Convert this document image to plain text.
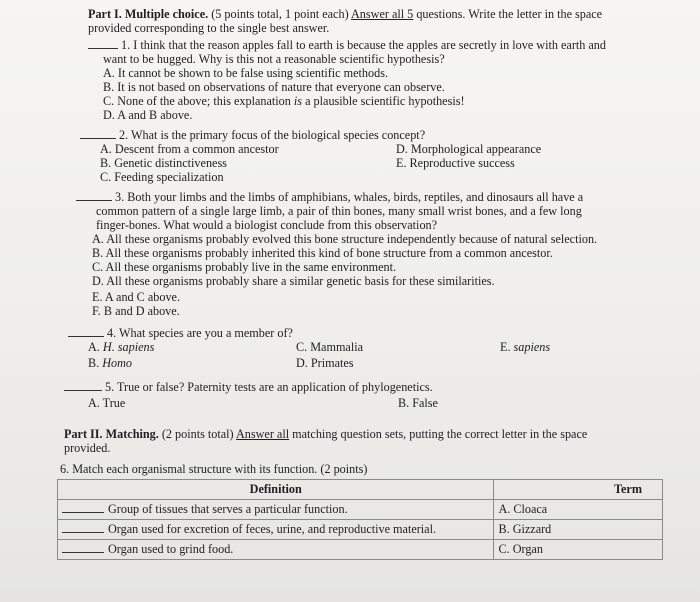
Part I. Multiple choice. (5 points total, 1 point each) Answer all 5 questions. Write the letter in the space
provided corresponding to the single best answer.
1. I think that the reason apples fall to earth is because the apples are secretly in love with earth and
want to be hugged. Why is this not a reasonable scientific hypothesis?
A. It cannot be shown to be false using scientific methods.
B. It is not based on observations of nature that everyone can observe.
C. None of the above; this explanation is a plausible scientific hypothesis!
D. A and B above.
2. What is the primary focus of the biological species concept?
A. Descent from a common ancestor	D. Morphological appearance
B. Genetic distinctiveness	E. Reproductive success
C. Feeding specialization
3. Both your limbs and the limbs of amphibians, whales, birds, reptiles, and dinosaurs all have a
common pattern of a single large limb, a pair of thin bones, many small wrist bones, and a few long
finger-bones. What would a biologist conclude from this observation?
A. All these organisms probably evolved this bone structure independently because of natural selection.
B. All these organisms probably inherited this kind of bone structure from a common ancestor.
C. All these organisms probably live in the same environment.
D. All these organisms probably share a similar genetic basis for these similarities.
E. A and C above.
F. B and D above.
4. What species are you a member of?
A. H. sapiens	C. Mammalia	E. sapiens
B. Homo	D. Primates
5. True or false? Paternity tests are an application of phylogenetics.
A. True	B. False
Part II. Matching. (2 points total) Answer all matching question sets, putting the correct letter in the space
provided.
6. Match each organismal structure with its function. (2 points)
Definition	Term
Group of tissues that serves a particular function.	A. Cloaca
Organ used for excretion of feces, urine, and reproductive material.	B. Gizzard
Organ used to grind food.	C. Organ
